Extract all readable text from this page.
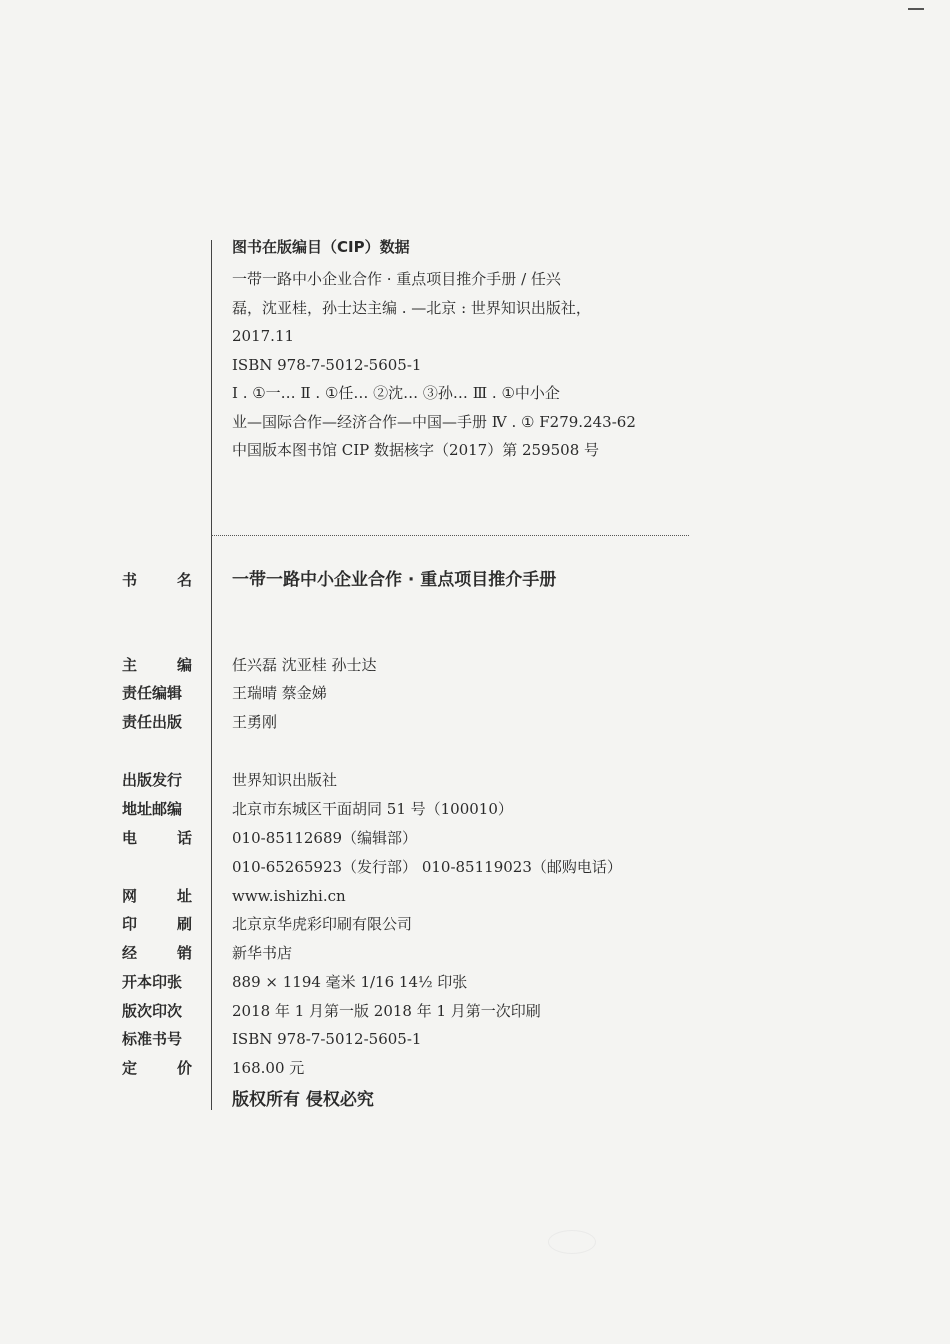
图书在版编目（CIP）数据
一带一路中小企业合作 · 重点项目推介手册 / 任兴
磊，沈亚桂，孙士达主编 . —北京 : 世界知识出版社，
2017.11
ISBN 978-7-5012-5605-1
Ⅰ . ①一… Ⅱ . ①任… ②沈… ③孙… Ⅲ . ①中小企
业—国际合作—经济合作—中国—手册 Ⅳ . ① F279.243-62
中国版本图书馆 CIP 数据核字（2017）第 259508 号
书名 一带一路中小企业合作 · 重点项目推介手册
主编	任兴磊 沈亚桂 孙士达
责任编辑	王瑞晴 蔡金娣
责任出版	王勇刚
出版发行	世界知识出版社
地址邮编	北京市东城区干面胡同 51 号（100010）
电话	010-85112689（编辑部）
010-65265923（发行部） 010-85119023（邮购电话）
网址	www.ishizhi.cn
印刷	北京京华虎彩印刷有限公司
经销	新华书店
开本印张	889 × 1194 毫米 1/16 14½ 印张
版次印次	2018 年 1 月第一版 2018 年 1 月第一次印刷
标准书号	ISBN 978-7-5012-5605-1
定价	168.00 元
版权所有 侵权必究
